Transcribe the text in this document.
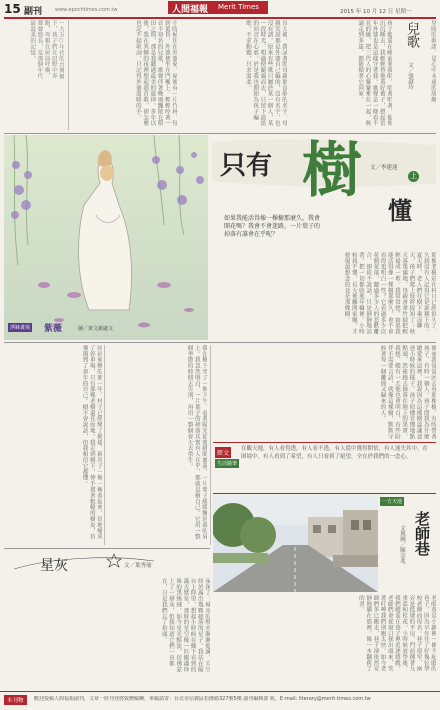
15 副刊	www.epochtimes.com.tw	人間福報 Merit Times
2015 年 10 月 12 日 星期一
一九五○年代的台灣鄉下，孩子們在田野中奔跑，母親在屋前呼喚，聲聲悠長，是那個年代最溫柔的記憶。	小時候住在外婆家，屋後有一片竹林，每到黃昏，外婆便坐在門檻上，輕輕哼著一首不知名的兒歌，歌聲伴著晚風飄散在稻田之間，那是我聽過最美的旋律。多年以後，我在異鄉的夜裡想起那首歌，卻怎麼也記不起歌詞，只記得外婆溫暖的手。	長大後，我試著問母親那首歌的名字，母親笑說那是外婆自己編的，沒有名字，也沒有譜。原來有些歌只屬於某一個人、某一段時光，唱過便隨風而去，只留下淡淡的回音在心底。於是我也開始為孩子編歌，不求動聽，只求溫柔。	孩子總愛在睡前要我唱，唱著唱著，他便沉沉睡去，我輕輕替他蓋好被子，想起當年外婆也是這樣守著我。歌聲是一條看不見的線，把三代人的心緊緊牽在一起，無論走到多遠，都能循著它回家。	兒歌
文／張淑玲	兒時的歌謠，是心中永遠的故鄉。
淨缽畫境 紫薇	圖／黃文凱盧文
只有 樹
懂
上
文／李建達
如果我能活得像一棵樹那麼久，我會開花嗎？我會不會迷路，一片葉子的掉落有誰會在乎呢？
那棵老樹站在村口已經很久了，久到沒有人記得它是誰種下的。夏天時，老人們在樹下乘涼聊天，孩子們爬上枝幹捉知了；秋天落葉滿地，母親會拿竹掃把輕輕掃成一堆。我常常想，如果我能活得像一棵樹那麼久，會不會看得更明白一些？它看過多少次花開花落，聽過多少人的悲歡離合，卻從不說話，只是靜靜地站著，把一切都收進年輪裡。小時候我不懂，長大後離開家鄉，才發現最想念的竟是那棵樹。
回到家鄉的那一年，村子已經變了模樣，新房子一棟一棟蓋起來，田地變成了停車場，只有那棵老樹還在原地。我走到樹下，伸手摸著粗糙的樹皮，彷彿摸到了童年的自己。樹不會說話，但我相信它都懂。	我在樹下坐了一個下午，看著陽光從葉縫間灑落，一片葉子緩緩飄到我的肩上。我忽然明白，一片葉子的掉落其實有人在乎，那就是樹自己。它用一整個季節的時間去告別，再用一整個春天去重生。	後來我常常回去看那棵樹，有時帶著孩子，有時一個人。孩子問我為什麼總愛來這裡，我說因為這棵樹認識爸爸小時候的樣子。孩子似懂非懂地點點頭，然後跑去撿落在地上的果實。我想，總有一天他也會明白，有些陪伴不需要言語，就像這棵樹，默默守候著每一個離開又歸來的人。
經文
生活隨筆
在觀天地，有人看得透，有人看不透，有人從中獲得開悟，有人迷失其中。在困境中，有人看到了希望，有人只看到了絕望，全在於我們的一念心。
一方天地
老師巷
文與圖／陳宗兆
老師巷是小鎮裡一條不起眼的巷子，因為早年住了好幾位學校老師而得名。巷子很窄，兩旁是低矮的平房，門前種著九重葛和桂花。小時候放學後，我們總愛在巷子裡追逐嬉戲，老師們會從窗口探出頭來，笑著叮嚀我們別跑太快。如今老師們多已搬走，巷子卻依然安靜地躺在那裡，像一本翻舊了的書。
星灰	文／葉秀瑜
夜深了，城市的燈火漸漸熄滅，天空終於露出幾顆疏落的星子。我站在陽台上仰望，想起小時候在鄉下看到的滿天繁星，那時的星空像一匹綴滿珍珠的黑絲絨。如今星光黯淡，彷彿蒙上了一層灰，但我知道它們一直都在，只是我們忘了抬頭。
本刊物	歡迎投稿人間福報副刊，文章一經刊登將致贈稿酬，來稿請寄：台北市信義區松隆路327號5樓 副刊編輯部 收。E-mail: literary@merit-times.com.tw
